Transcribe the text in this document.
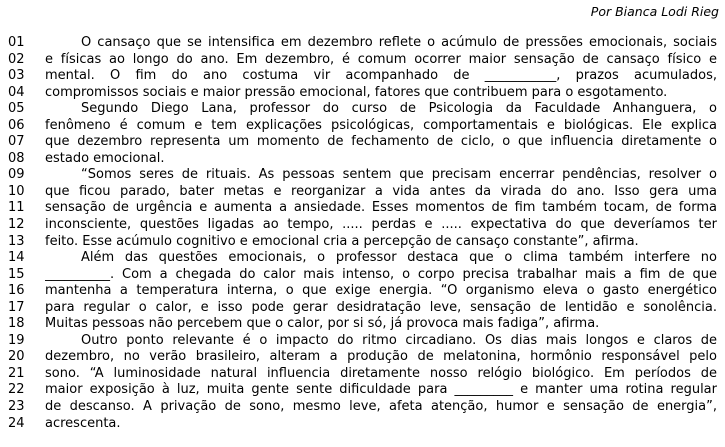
Por Bianca Lodi Rieg
01	O cansaço que se intensifica em dezembro reflete o acúmulo de pressões emocionais, sociais
02	e físicas ao longo do ano. Em dezembro, é comum ocorrer maior sensação de cansaço físico e
03	mental. O fim do ano costuma vir acompanhado de ___________, prazos acumulados,
04	compromissos sociais e maior pressão emocional, fatores que contribuem para o esgotamento.
05	Segundo Diego Lana, professor do curso de Psicologia da Faculdade Anhanguera, o
06	fenômeno é comum e tem explicações psicológicas, comportamentais e biológicas. Ele explica
07	que dezembro representa um momento de fechamento de ciclo, o que influencia diretamente o
08	estado emocional.
09	“Somos seres de rituais. As pessoas sentem que precisam encerrar pendências, resolver o
10	que ficou parado, bater metas e reorganizar a vida antes da virada do ano. Isso gera uma
11	sensação de urgência e aumenta a ansiedade. Esses momentos de fim também tocam, de forma
12	inconsciente, questões ligadas ao tempo, ..... perdas e ..... expectativa do que deveríamos ter
13	feito. Esse acúmulo cognitivo e emocional cria a percepção de cansaço constante”, afirma.
14	Além das questões emocionais, o professor destaca que o clima também interfere no
15	__________. Com a chegada do calor mais intenso, o corpo precisa trabalhar mais a fim de que
16	mantenha a temperatura interna, o que exige energia. “O organismo eleva o gasto energético
17	para regular o calor, e isso pode gerar desidratação leve, sensação de lentidão e sonolência.
18	Muitas pessoas não percebem que o calor, por si só, já provoca mais fadiga”, afirma.
19	Outro ponto relevante é o impacto do ritmo circadiano. Os dias mais longos e claros de
20	dezembro, no verão brasileiro, alteram a produção de melatonina, hormônio responsável pelo
21	sono. “A luminosidade natural influencia diretamente nosso relógio biológico. Em períodos de
22	maior exposição à luz, muita gente sente dificuldade para _________ e manter uma rotina regular
23	de descanso. A privação de sono, mesmo leve, afeta atenção, humor e sensação de energia”,
24	acrescenta.
